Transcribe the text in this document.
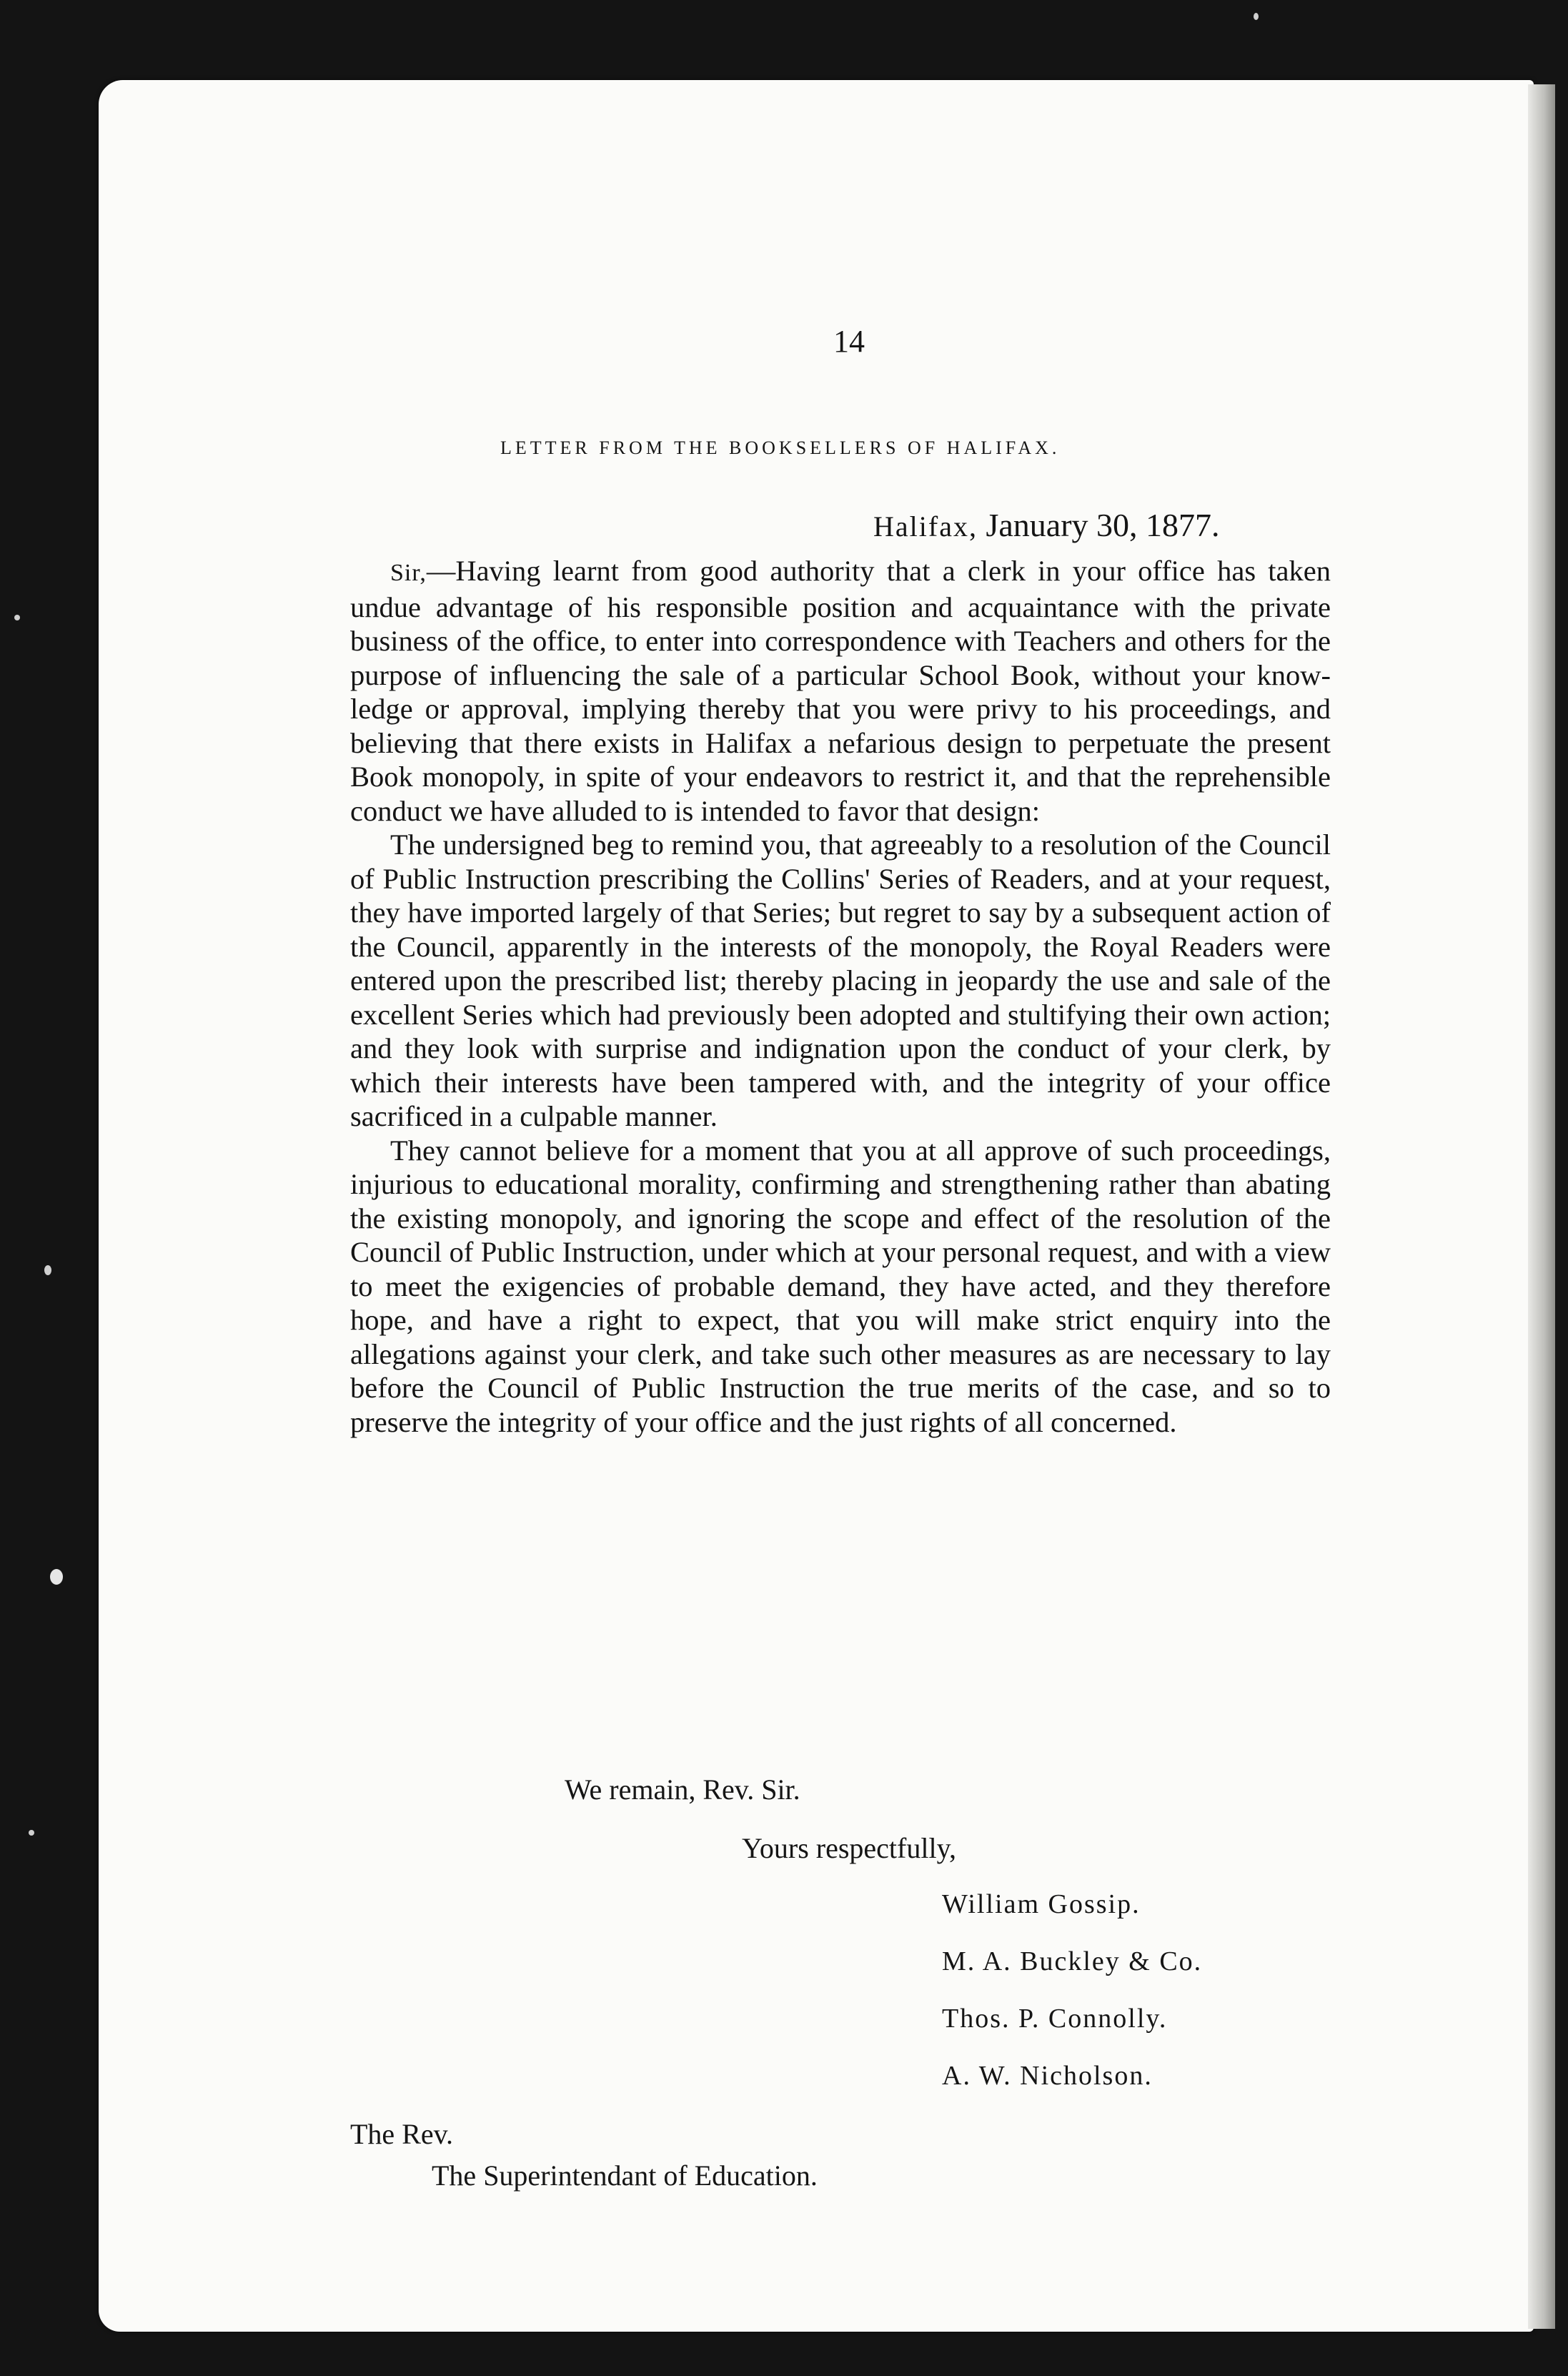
14
LETTER FROM THE BOOKSELLERS OF HALIFAX.
Halifax, January 30, 1877.

Sir,—Having learnt from good authority that a clerk in your office has taken undue advantage of his responsible position and acquaintance with the private business of the office, to enter into correspondence with Teachers and others for the purpose of influencing the sale of a particular School Book, without your knowledge or approval, implying thereby that you were privy to his proceedings, and believing that there exists in Halifax a nefarious design to perpetuate the present Book monopoly, in spite of your endeavors to restrict it, and that the reprehensible conduct we have alluded to is intended to favor that design:

The undersigned beg to remind you, that agreeably to a resolution of the Council of Public Instruction prescribing the Collins' Series of Readers, and at your request, they have imported largely of that Series; but regret to say by a subsequent action of the Council, apparently in the interests of the monopoly, the Royal Readers were entered upon the prescribed list; thereby placing in jeopardy the use and sale of the excellent Series which had previously been adopted and stultifying their own action; and they look with surprise and indignation upon the conduct of your clerk, by which their interests have been tampered with, and the integrity of your office sacrificed in a culpable manner.

They cannot believe for a moment that you at all approve of such proceedings, injurious to educational morality, confirming and strengthening rather than abating the existing monopoly, and ignoring the scope and effect of the resolution of the Council of Public Instruction, under which at your personal request, and with a view to meet the exigencies of probable demand, they have acted, and they therefore hope, and have a right to expect, that you will make strict enquiry into the allegations against your clerk, and take such other measures as are necessary to lay before the Council of Public Instruction the true merits of the case, and so to preserve the integrity of your office and the just rights of all concerned.

We remain, Rev. Sir.
Yours respectfully,
William Gossip.
M. A. Buckley & Co.
Thos. P. Connolly.
A. W. Nicholson.
The Rev.
The Superintendant of Education.
